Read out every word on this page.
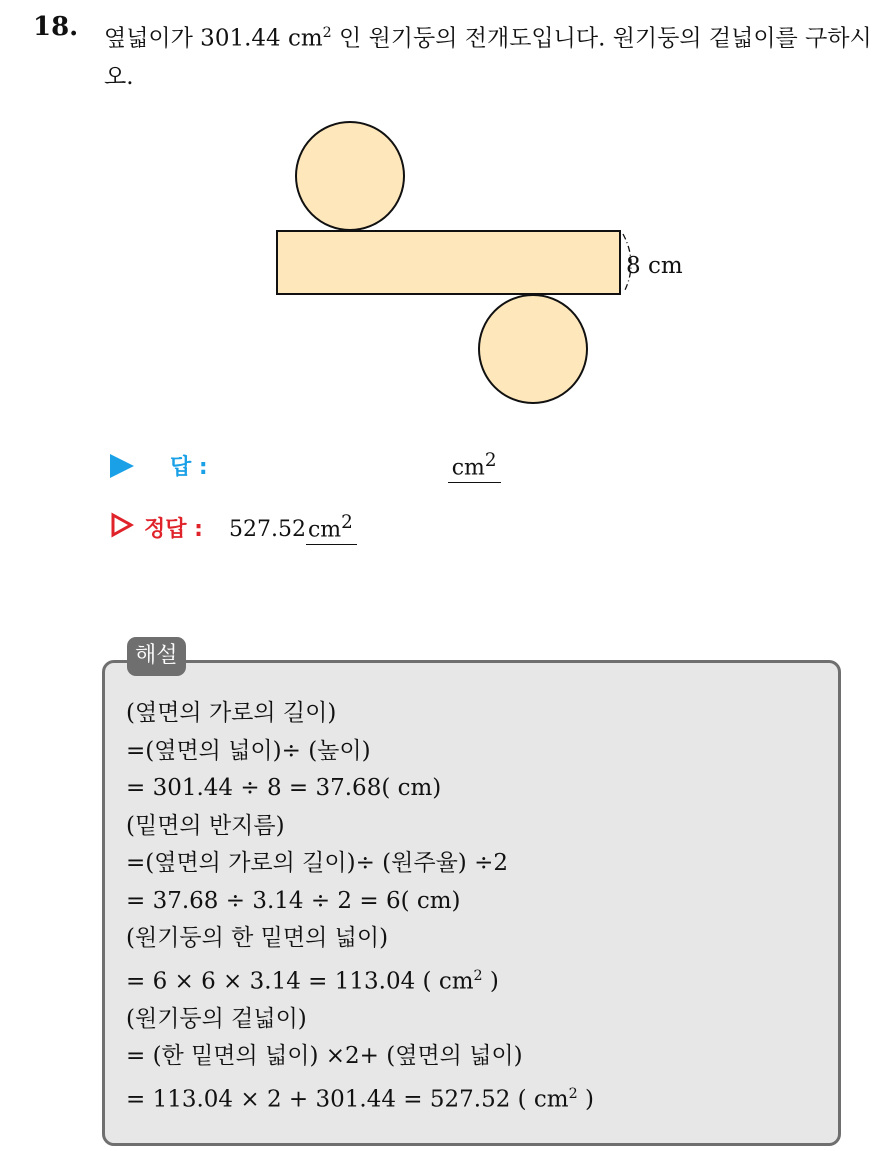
18. 옆넓이가 301.44 $cm^2$ 인 원기둥의 전개도입니다. 원기둥의 겉넓이를 구하시오.
8 cm
답 :	$cm^2$
정답 : 527.52 $cm^2$
해설
(옆면의 가로의 길이)
=(옆면의 넓이)÷ (높이)
= 301.44 ÷ 8 = 37.68( cm)
(밑면의 반지름)
=(옆면의 가로의 길이)÷ (원주율) ÷2
= 37.68 ÷ 3.14 ÷ 2 = 6( cm)
(원기둥의 한 밑면의 넓이)
= 6 × 6 × 3.14 = 113.04 ( $cm^2$ )
(원기둥의 겉넓이)
= (한 밑면의 넓이) ×2+ (옆면의 넓이)
= 113.04 × 2 + 301.44 = 527.52 ( $cm^2$ )
